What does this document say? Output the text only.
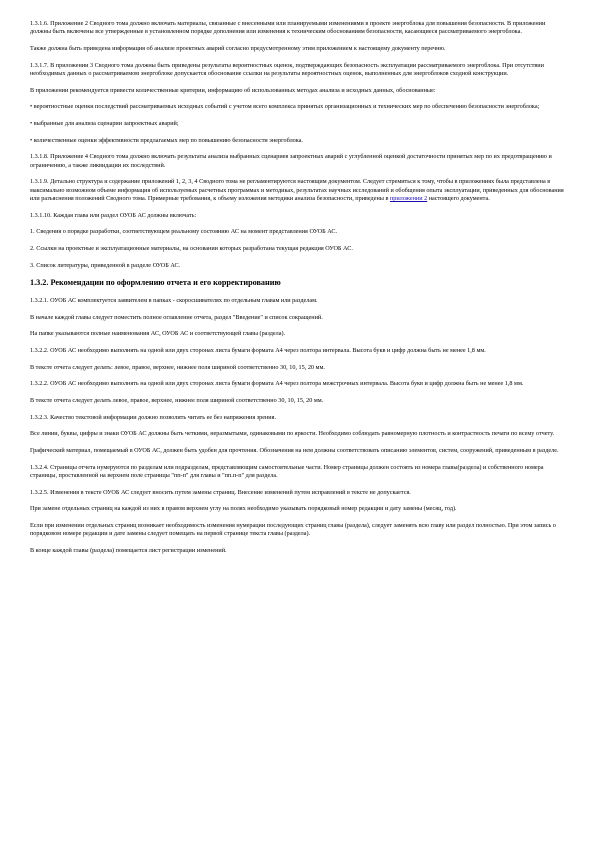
1.3.1.6. Приложение 2 Сводного тома должно включать материалы, связанные с внесенными или планируемыми изменениями в проекте энергоблока для повышения безопасности. В приложении должны быть включены все утвержденные в установленном порядке дополнения или изменения к техническим обоснованиям безопасности, касающиеся рассматриваемого энергоблока.

Также должна быть приведена информация об анализе проектных аварий согласно предусмотренному этим приложением к настоящему документу перечню.

1.3.1.7. В приложении 3 Сводного тома должны быть приведены результаты вероятностных оценок, подтверждающих безопасность эксплуатации рассматриваемого энергоблока. При отсутствии необходимых данных о рассматриваемом энергоблоке допускается обоснование ссылки на результаты вероятностных оценок, выполненных для энергоблоков сходной конструкции.

В приложении рекомендуется привести количественные критерии, информацию об использованных методах анализа и исходных данных, обоснованные:

• вероятностные оценки последствий рассматриваемых исходных событий с учетом всего комплекса принятых организационных и технических мер по обеспечению безопасности энергоблока;

• выбранные для анализа сценарии запроектных аварий;

• количественные оценки эффективности предлагаемых мер по повышению безопасности энергоблока.

1.3.1.8. Приложение 4 Сводного тома должно включать результаты анализа выбранных сценариев запроектных аварий с углубленной оценкой достаточности принятых мер по их предотвращению и ограничению, а также ликвидации их последствий.

1.3.1.9. Детально структура и содержание приложений 1, 2, 3, 4 Сводного тома не регламентируются настоящим документом. Следует стремиться к тому, чтобы в приложениях была представлена в максимально возможном объеме информация об используемых расчетных программах и методиках, результатах научных исследований и обобщения опыта эксплуатации, приведенных для обоснования или разъяснения положений Сводного тома. Примерные требования, к объему изложения методики анализа безопасности, приведены в приложении 2 настоящего документа.

1.3.1.10. Каждая глава или раздел ОУОБ АС должны включать:

1. Сведения о порядке разработки, соответствующем реальному состоянию АС на момент представления ОУОБ АС.

2. Ссылки на проектные и эксплуатационные материалы, на основании которых разработана текущая редакция ОУОБ АС.

3. Список литературы, приведенной в разделе ОУОБ АС.

1.3.2. Рекомендации по оформлению отчета и его корректированию

1.3.2.1. ОУОБ АС комплектуется заявителем в папках - скоросшивателях по отдельным главам или разделам.

В начале каждой главы следует поместить полное оглавление отчета, раздел "Введение" и список сокращений.

На папке указываются полные наименования АС, ОУОБ АС и соответствующей главы (раздела).

1.3.2.2. ОУОБ АС необходимо выполнять на одной или двух сторонах листа бумаги формата А4 через полтора интервала. Высота букв и цифр должна быть не менее 1,8 мм.

В тексте отчета следует делать: левое, правое, верхнее, нижнее поля шириной соответственно 30, 10, 15, 20 мм.

1.3.2.2. ОУОБ АС необходимо выполнять на одной или двух сторонах листа бумаги формата А4 через полтора межстрочных интервала. Высота букв и цифр должна быть не менее 1,8 мм.

В тексте отчета следует делать левое, правое, верхнее, нижнее поля шириной соответственно 30, 10, 15, 20 мм.

1.3.2.3. Качество текстовой информации должно позволить читать ее без напряжения зрения.

Все линии, буквы, цифры и знаки ОУОБ АС должны быть четкими, неразмытыми, одинаковыми по яркости. Необходимо соблюдать равномерную плотность и контрастность печати по всему отчету.

Графический материал, помещаемый в ОУОБ АС, должен быть удобен для прочтения. Обозначения на нем должны соответствовать описанию элементов, систем, сооружений, приведенным в разделе.

1.3.2.4. Страницы отчета нумеруются по разделам или подразделам, представляющим самостоятельные части. Номер страницы должен состоять из номера главы(раздела) и собственного номера страницы, проставленной на верхнем поле страницы "пп-п" для главы и "пп.п-п" для раздела.

1.3.2.5. Изменения в тексте ОУОБ АС следует вносить путем замены страниц. Внесение изменений путем исправлений в тексте не допускается.

При замене отдельных страниц на каждой из них в правом верхнем углу на полях необходимо указывать порядковый номер редакции и дату замены (месяц, год).

Если при изменении отдельных страниц возникает необходимость изменения нумерации последующих страниц главы (раздела), следует заменять всю главу или раздел полностью. При этом запись о порядковом номере редакции и дате замены следует помещать на первой странице текста главы (раздела).

В конце каждой главы (раздела) помещается лист регистрации изменений.
